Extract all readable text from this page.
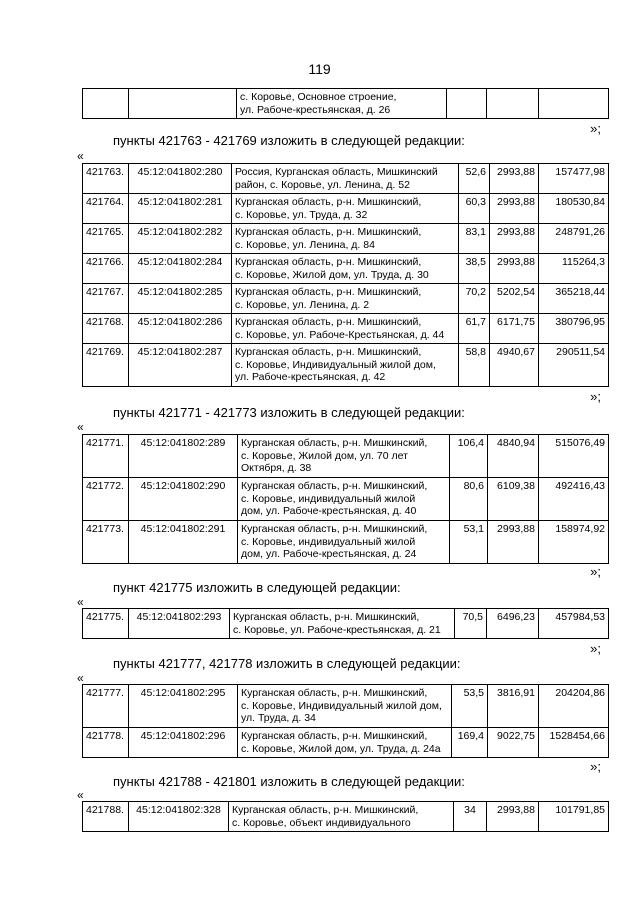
119

с. Коровье, Основное строение,
ул. Рабоче-крестьянская, д. 26

»;
пункты 421763 - 421769 изложить в следующей редакции:
«
421763.	45:12:041802:280	Россия, Курганская область, Мишкинский
район, с. Коровье, ул. Ленина, д. 52	52,6	2993,88	157477,98
421764.	45:12:041802:281	Курганская область, р-н. Мишкинский,
с. Коровье, ул. Труда, д. 32	60,3	2993,88	180530,84
421765.	45:12:041802:282	Курганская область, р-н. Мишкинский,
с. Коровье, ул. Ленина, д. 84	83,1	2993,88	248791,26
421766.	45:12:041802:284	Курганская область, р-н. Мишкинский,
с. Коровье, Жилой дом, ул. Труда, д. 30	38,5	2993,88	115264,3
421767.	45:12:041802:285	Курганская область, р-н. Мишкинский,
с. Коровье, ул. Ленина, д. 2	70,2	5202,54	365218,44
421768.	45:12:041802:286	Курганская область, р-н. Мишкинский,
с. Коровье, ул. Рабоче-Крестьянская, д. 44	61,7	6171,75	380796,95
421769.	45:12:041802:287	Курганская область, р-н. Мишкинский,
с. Коровье, Индивидуальный жилой дом,
ул. Рабоче-крестьянская, д. 42	58,8	4940,67	290511,54
»;
пункты 421771 - 421773 изложить в следующей редакции:
«
421771.	45:12:041802:289	Курганская область, р-н. Мишкинский,
с. Коровье, Жилой дом, ул. 70 лет
Октября, д. 38	106,4	4840,94	515076,49
421772.	45:12:041802:290	Курганская область, р-н. Мишкинский,
с. Коровье, индивидуальный жилой
дом, ул. Рабоче-крестьянская, д. 40	80,6	6109,38	492416,43
421773.	45:12:041802:291	Курганская область, р-н. Мишкинский,
с. Коровье, индивидуальный жилой
дом, ул. Рабоче-крестьянская, д. 24	53,1	2993,88	158974,92
»;
пункт 421775 изложить в следующей редакции:
«
421775.	45:12:041802:293	Курганская область, р-н. Мишкинский,
с. Коровье, ул. Рабоче-крестьянская, д. 21
	70,5	6496,23	457984,53
»;
пункты 421777, 421778 изложить в следующей редакции:
«
421777.	45:12:041802:295	Курганская область, р-н. Мишкинский,
с. Коровье, Индивидуальный жилой дом,
ул. Труда, д. 34	53,5	3816,91	204204,86
421778.	45:12:041802:296	Курганская область, р-н. Мишкинский,
с. Коровье, Жилой дом, ул. Труда, д. 24а	169,4	9022,75	1528454,66
»;
пункты 421788 - 421801 изложить в следующей редакции:
«
421788.	45:12:041802:328	Курганская область, р-н. Мишкинский,
с. Коровье, объект индивидуального
	34	2993,88	101791,85
